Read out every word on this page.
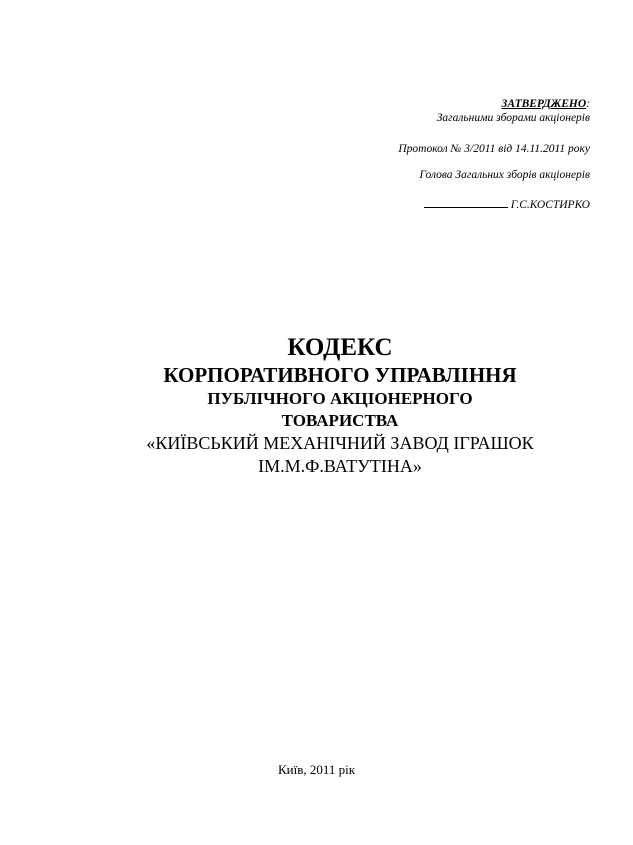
ЗАТВЕРДЖЕНО:
Загальними зборами акціонерів
Протокол № 3/2011 від 14.11.2011 року
Голова Загальних зборів акціонерів
Г.С.КОСТИРКО
КОДЕКС
КОРПОРАТИВНОГО УПРАВЛІННЯ
ПУБЛІЧНОГО АКЦІОНЕРНОГО
ТОВАРИСТВА
«КИЇВСЬКИЙ МЕХАНІЧНИЙ ЗАВОД ІГРАШОК
ІМ.М.Ф.ВАТУТІНА»
Київ, 2011 рік
